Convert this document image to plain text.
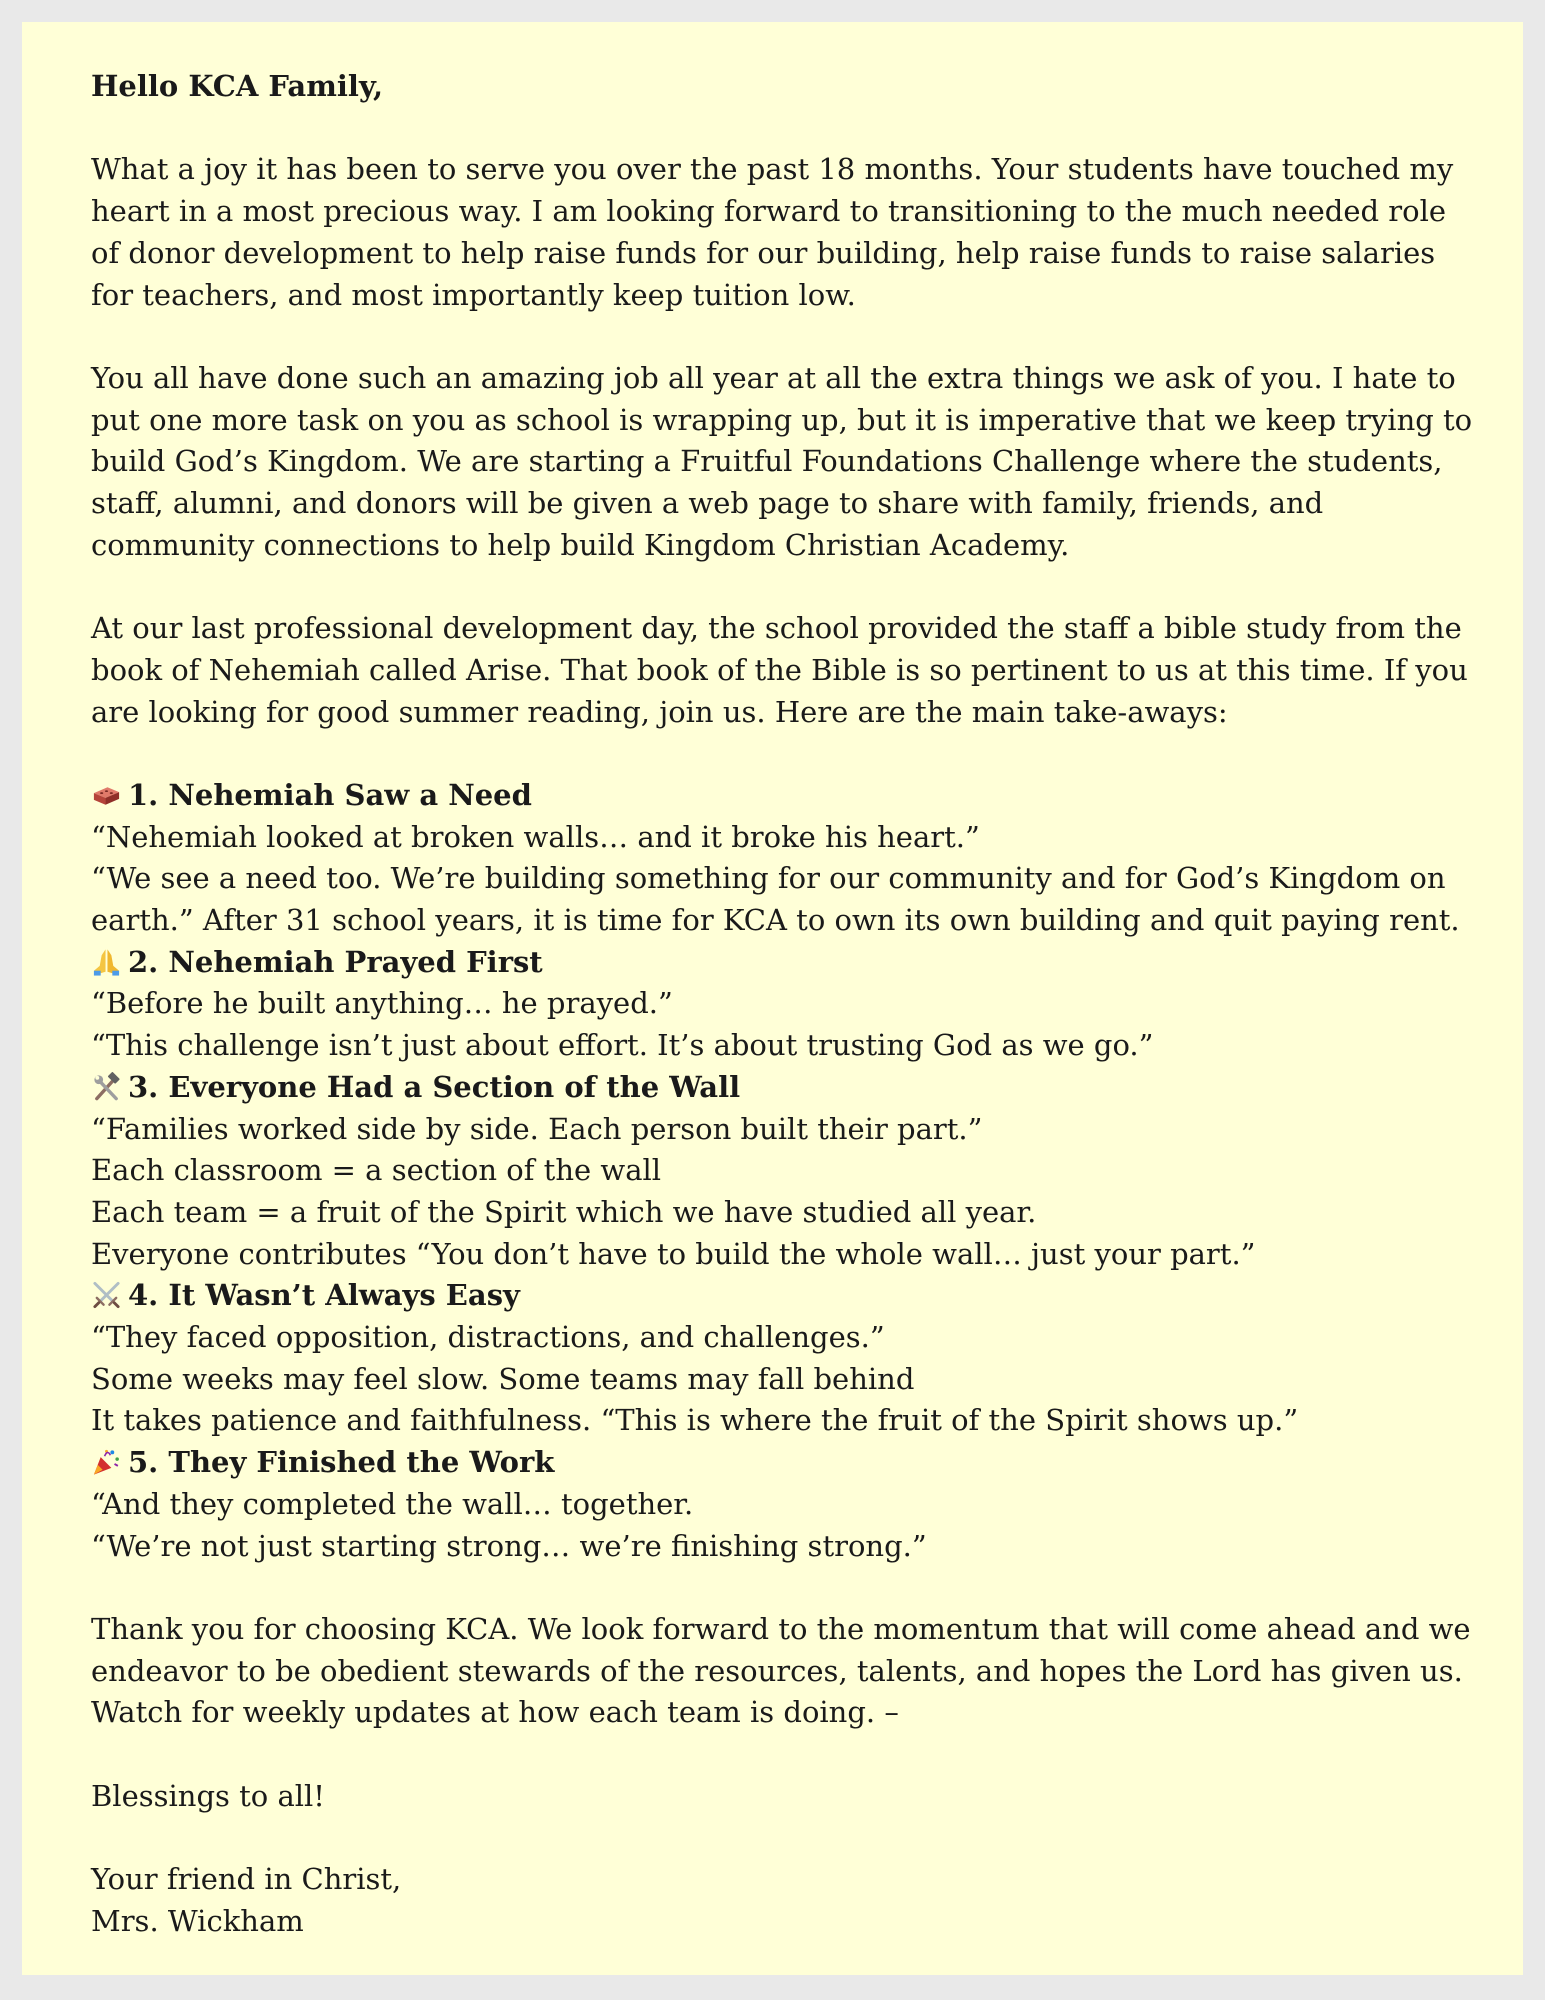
Hello KCA Family,
What a joy it has been to serve you over the past 18 months. Your students have touched my
heart in a most precious way. I am looking forward to transitioning to the much needed role
of donor development to help raise funds for our building, help raise funds to raise salaries
for teachers, and most importantly keep tuition low.
You all have done such an amazing job all year at all the extra things we ask of you. I hate to
put one more task on you as school is wrapping up, but it is imperative that we keep trying to
build God’s Kingdom. We are starting a Fruitful Foundations Challenge where the students,
staff, alumni, and donors will be given a web page to share with family, friends, and
community connections to help build Kingdom Christian Academy.
At our last professional development day, the school provided the staff a bible study from the
book of Nehemiah called Arise. That book of the Bible is so pertinent to us at this time. If you
are looking for good summer reading, join us. Here are the main take-aways:
1. Nehemiah Saw a Need
“Nehemiah looked at broken walls… and it broke his heart.”
“We see a need too. We’re building something for our community and for God’s Kingdom on
earth.” After 31 school years, it is time for KCA to own its own building and quit paying rent.
2. Nehemiah Prayed First
“Before he built anything… he prayed.”
“This challenge isn’t just about effort. It’s about trusting God as we go.”
3. Everyone Had a Section of the Wall
“Families worked side by side. Each person built their part.”
Each classroom = a section of the wall
Each team = a fruit of the Spirit which we have studied all year.
Everyone contributes “You don’t have to build the whole wall… just your part.”
4. It Wasn’t Always Easy
“They faced opposition, distractions, and challenges.”
Some weeks may feel slow. Some teams may fall behind
It takes patience and faithfulness. “This is where the fruit of the Spirit shows up.”
5. They Finished the Work
“And they completed the wall… together.
“We’re not just starting strong… we’re finishing strong.”
Thank you for choosing KCA. We look forward to the momentum that will come ahead and we
endeavor to be obedient stewards of the resources, talents, and hopes the Lord has given us.
Watch for weekly updates at how each team is doing. –
Blessings to all!
Your friend in Christ,
Mrs. Wickham
